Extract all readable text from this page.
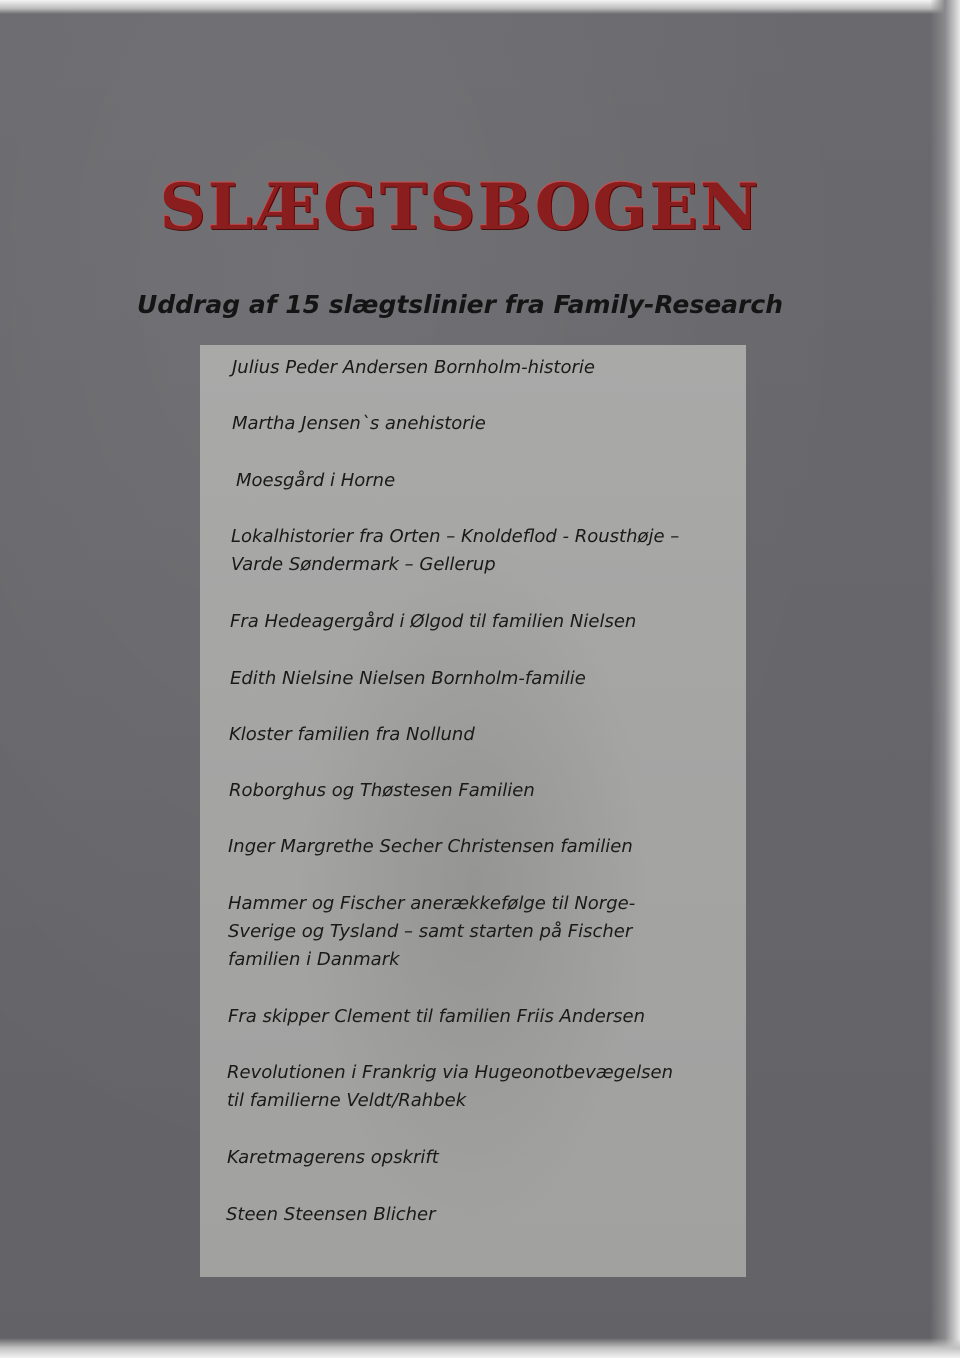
SLÆGTSBOGEN
Uddrag af 15 slægtslinier fra Family-Research

Julius Peder Andersen Bornholm-historie

Martha Jensen`s anehistorie

Moesgård i Horne

Lokalhistorier fra Orten – Knoldeflod - Rousthøje –
Varde Søndermark – Gellerup

Fra Hedeagergård i Ølgod til familien Nielsen

Edith Nielsine Nielsen Bornholm-familie

Kloster familien fra Nollund

Roborghus og Thøstesen Familien

Inger Margrethe Secher Christensen familien

Hammer og Fischer anerækkefølge til Norge-
Sverige og Tysland – samt starten på Fischer
familien i Danmark

Fra skipper Clement til familien Friis Andersen

Revolutionen i Frankrig via Hugeonotbevægelsen
til familierne Veldt/Rahbek

Karetmagerens opskrift

Steen Steensen Blicher
